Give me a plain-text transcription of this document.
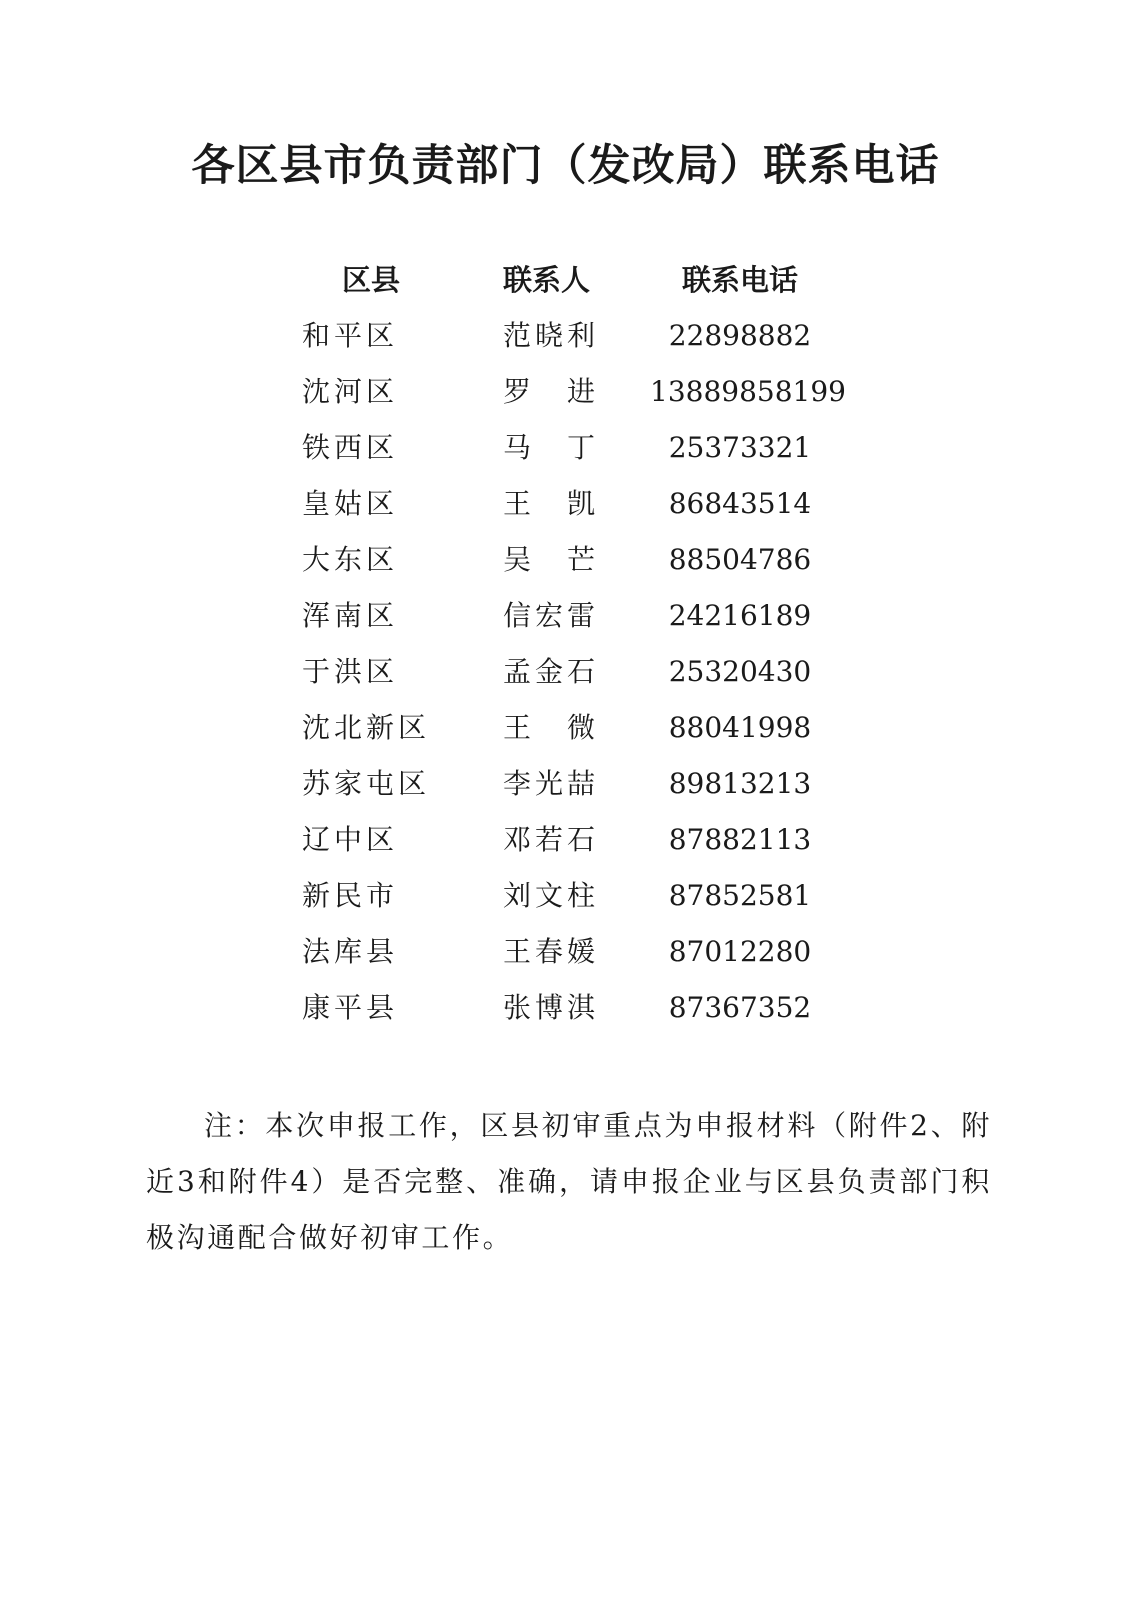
各区县市负责部门（发改局）联系电话
区县	联系人	联系电话
和平区	范晓利	22898882
沈河区	罗　进	13889858199
铁西区	马　丁	25373321
皇姑区	王　凯	86843514
大东区	吴　芒	88504786
浑南区	信宏雷	24216189
于洪区	孟金石	25320430
沈北新区	王　微	88041998
苏家屯区	李光喆	89813213
辽中区	邓若石	87882113
新民市	刘文柱	87852581
法库县	王春媛	87012280
康平县	张博淇	87367352

注：本次申报工作，区县初审重点为申报材料（附件2、附近3和附件4）是否完整、准确，请申报企业与区县负责部门积极沟通配合做好初审工作。
